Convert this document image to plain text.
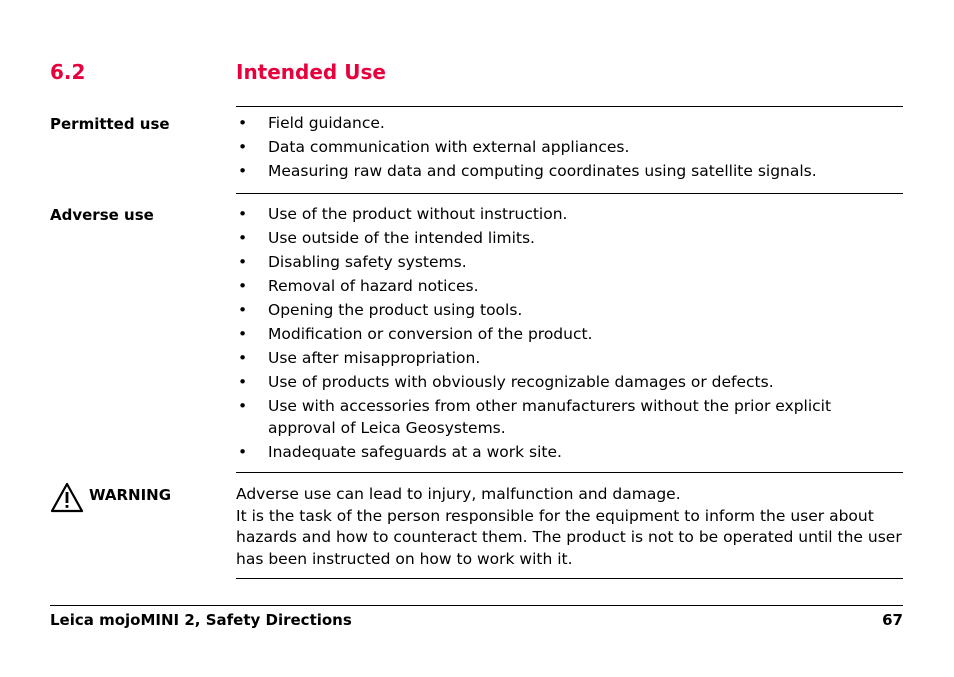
6.2	Intended Use
Permitted use	• Field guidance.
• Data communication with external appliances.
• Measuring raw data and computing coordinates using satellite signals.
Adverse use	• Use of the product without instruction.
• Use outside of the intended limits.
• Disabling safety systems.
• Removal of hazard notices.
• Opening the product using tools.
• Modification or conversion of the product.
• Use after misappropriation.
• Use of products with obviously recognizable damages or defects.
• Use with accessories from other manufacturers without the prior explicit approval of Leica Geosystems.
• Inadequate safeguards at a work site.
WARNING	Adverse use can lead to injury, malfunction and damage.

It is the task of the person responsible for the equipment to inform the user about hazards and how to counteract them. The product is not to be operated until the user has been instructed on how to work with it.

Leica mojoMINI 2, Safety Directions	67
